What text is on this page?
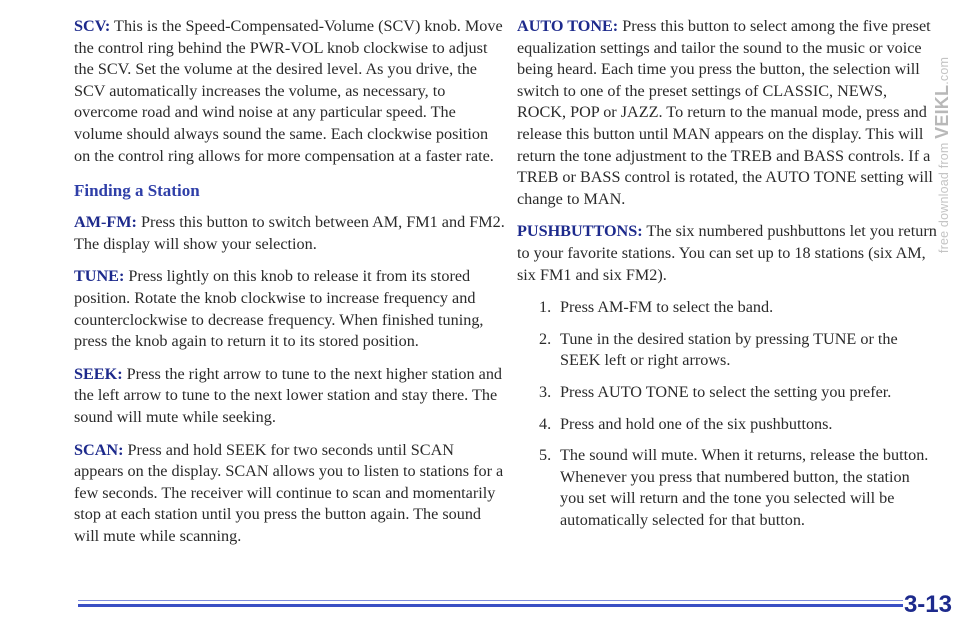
SCV: This is the Speed-Compensated-Volume (SCV) knob. Move the control ring behind the PWR-VOL knob clockwise to adjust the SCV. Set the volume at the desired level. As you drive, the SCV automatically increases the volume, as necessary, to overcome road and wind noise at any particular speed. The volume should always sound the same. Each clockwise position on the control ring allows for more compensation at a faster rate.

Finding a Station

AM-FM: Press this button to switch between AM, FM1 and FM2. The display will show your selection.

TUNE: Press lightly on this knob to release it from its stored position. Rotate the knob clockwise to increase frequency and counterclockwise to decrease frequency. When finished tuning, press the knob again to return it to its stored position.

SEEK: Press the right arrow to tune to the next higher station and the left arrow to tune to the next lower station and stay there. The sound will mute while seeking.

SCAN: Press and hold SEEK for two seconds until SCAN appears on the display. SCAN allows you to listen to stations for a few seconds. The receiver will continue to scan and momentarily stop at each station until you press the button again. The sound will mute while scanning.

AUTO TONE: Press this button to select among the five preset equalization settings and tailor the sound to the music or voice being heard. Each time you press the button, the selection will switch to one of the preset settings of CLASSIC, NEWS, ROCK, POP or JAZZ. To return to the manual mode, press and release this button until MAN appears on the display. This will return the tone adjustment to the TREB and BASS controls. If a TREB or BASS control is rotated, the AUTO TONE setting will change to MAN.

PUSHBUTTONS: The six numbered pushbuttons let you return to your favorite stations. You can set up to 18 stations (six AM, six FM1 and six FM2).

1. Press AM-FM to select the band.
2. Tune in the desired station by pressing TUNE or the SEEK left or right arrows.
3. Press AUTO TONE to select the setting you prefer.
4. Press and hold one of the six pushbuttons.
5. The sound will mute. When it returns, release the button. Whenever you press that numbered button, the station you set will return and the tone you selected will be automatically selected for that button.
3-13
free download from VEIKL.com
